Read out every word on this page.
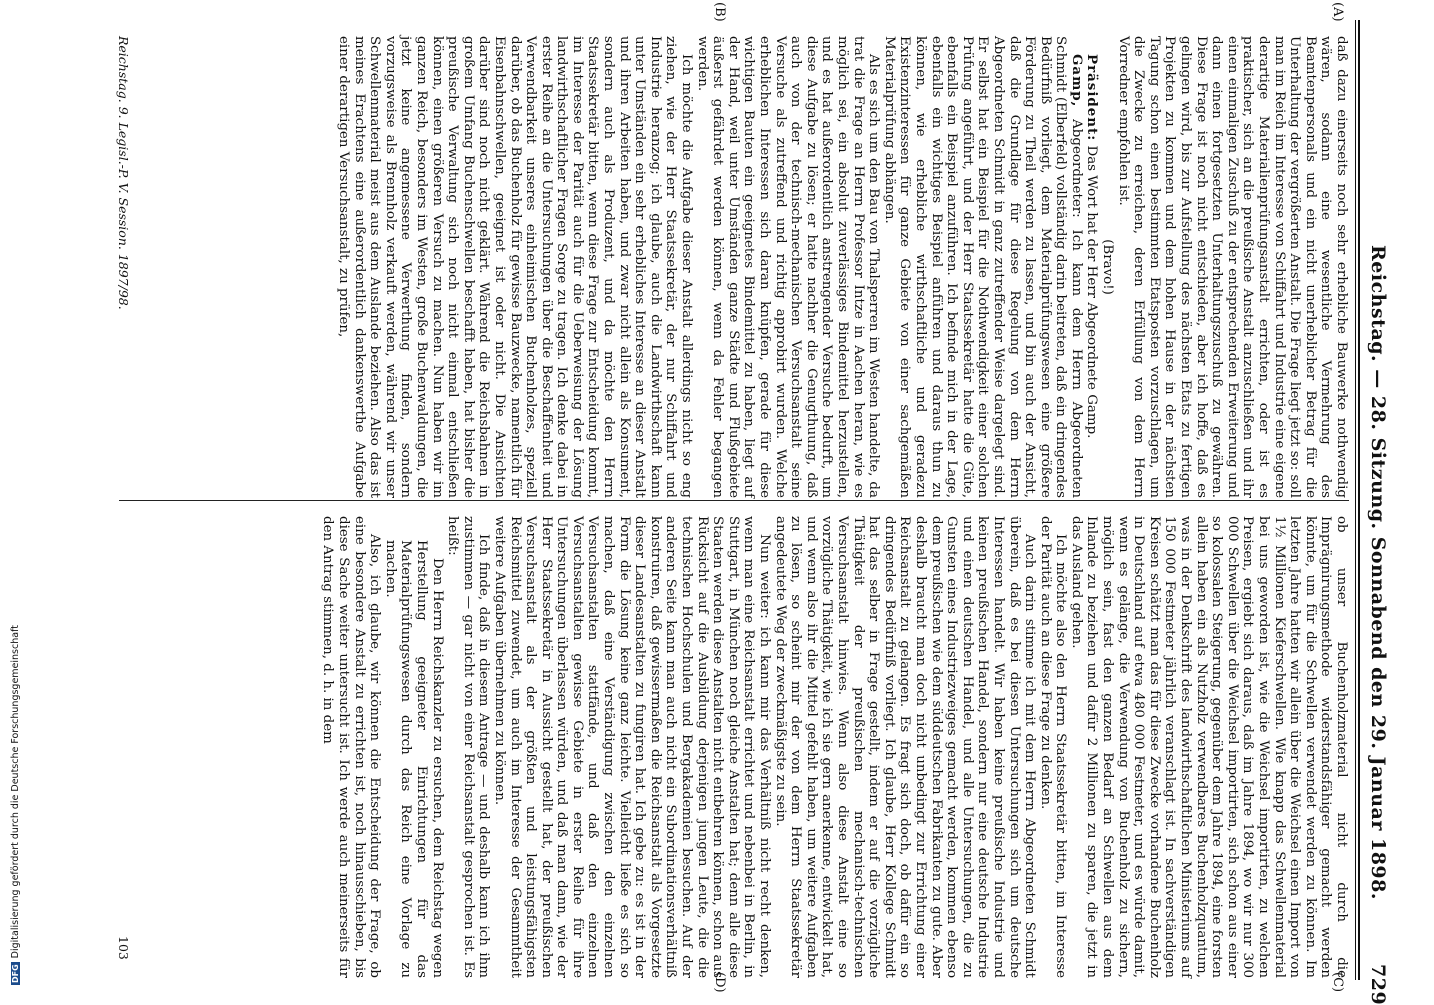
Reichstag. — 28. Sitzung. Sonnabend den 29. Januar 1898.
729
(A)
(B)
(C)
(D)

daß dazu einerseits noch sehr erhebliche Bauwerke nothwendig wären, sodann eine wesentliche Vermehrung des Beamtenpersonals und ein nicht unerheblicher Betrag für die Unterhaltung der vergrößerten Anstalt. Die Frage liegt jetzt so: soll man im Reich im Interesse von Schiffahrt und Industrie eine eigene derartige Materialienprüfungsanstalt errichten, oder ist es praktischer, sich an die preußische Anstalt anzuschließen und ihr einen einmaligen Zuschuß zu der entsprechenden Erweiterung und dann einen fortgesetzten Unterhaltungszuschuß zu gewähren. Diese Frage ist noch nicht entschieden, aber ich hoffe, daß es gelingen wird, bis zur Aufstellung des nächsten Etats zu fertigen Projekten zu kommen und dem hohen Hause in der nächsten Tagung schon einen bestimmten Etatsposten vorzuschlagen, um die Zwecke zu erreichen, deren Erfüllung von dem Herrn Vorredner empfohlen ist.

(Bravo!)

Präsident: Das Wort hat der Herr Abgeordnete Gamp.

Gamp, Abgeordneter: Ich kann dem Herrn Abgeordneten Schmidt (Elberfeld) vollständig darin beitreten, daß ein dringendes Bedürfniß vorliegt, dem Materialprüfungswesen eine größere Förderung zu Theil werden zu lassen, und bin auch der Ansicht, daß die Grundlage für diese Regelung von dem Herrn Abgeordneten Schmidt in ganz zutreffender Weise dargelegt sind. Er selbst hat ein Beispiel für die Nothwendigkeit einer solchen Prüfung angeführt, und der Herr Staatssekretär hatte die Güte, ebenfalls ein Beispiel anzuführen. Ich befinde mich in der Lage, ebenfalls ein wichtiges Beispiel anführen und daraus thun zu können, wie erhebliche wirthschaftliche und geradezu Existenzinteressen für ganze Gebiete von einer sachgemäßen Materialprüfung abhängen.

Als es sich um den Bau von Thalsperren im Westen handelte, da trat die Frage an Herrn Professor Intze in Aachen heran, wie es möglich sei, ein absolut zuverlässiges Bindemittel herzustellen, und es hat außerordentlich anstrengender Versuche bedurft, um diese Aufgabe zu lösen; er hatte nachher die Genugthuung, daß auch von der technisch-mechanischen Versuchsanstalt seine Versuche als zutreffend und richtig approbirt wurden. Welche erheblichen Interessen sich daran knüpfen, gerade für diese wichtigen Bauten ein geeignetes Bindemittel zu haben, liegt auf der Hand, weil unter Umständen ganze Städte und Flußgebiete äußerst gefährdet werden können, wenn da Fehler begangen werden.

Ich möchte die Aufgabe dieser Anstalt allerdings nicht so eng ziehen, wie der Herr Staatssekretär, der nur Schiffahrt und Industrie heranzog; ich glaube, auch die Landwirthschaft kann unter Umständen ein sehr erhebliches Interesse an dieser Anstalt und ihren Arbeiten haben, und zwar nicht allein als Konsument, sondern auch als Produzent, und da möchte den Herrn Staatssekretär bitten, wenn diese Frage zur Entscheidung kommt, im Interesse der Parität auch für die Ueberweisung der Lösung landwirthschaftlicher Fragen Sorge zu tragen. Ich denke dabei in erster Reihe an die Untersuchungen über die Beschaffenheit und Verwendbarkeit unseres einheimischen Buchenholzes, speziell darüber, ob das Buchenholz für gewisse Bauzwecke, namentlich für Eisenbahnschwellen, geeignet ist oder nicht. Die Ansichten darüber sind noch nicht geklärt. Während die Reichsbahnen in großem Umfang Buchenschwellen beschafft haben, hat bisher die preußische Verwaltung sich noch nicht einmal entschließen können, einen größeren Versuch zu machen. Nun haben wir im ganzen Reich, besonders im Westen, große Buchenwaldungen, die jetzt keine angemessene Verwerthung finden, sondern vorzugsweise als Brennholz verkauft werden, während wir unser Schwellenmaterial meist aus dem Auslande beziehen. Also das ist meines Erachtens eine außerordentlich dankenswerthe Aufgabe einer derartigen Versuchsanstalt, zu prüfen,

ob unser Buchenholzmaterial nicht durch die Imprägnirungsmethode widerstandsfähiger gemacht werden könnte, um für die Schwellen verwendet werden zu können. Im letzten Jahre hatten wir allein über die Weichsel einen Import von 1½ Millionen Kieferschwellen. Wie knapp das Schwellenmaterial bei uns geworden ist, wie die Weichsel importirten, zu welchen Preisen, ergiebt sich daraus, daß im Jahre 1894, wo wir nur 300 000 Schwellen über die Weichsel importirten, sich schon aus einer so kolossalen Steigerung, gegenüber dem Jahre 1894, eine forsten allein haben ein als Nutzholz verwendbares Buchenholzquantum, was in der Denkschrift des landwirthschaftlichen Ministeriums auf 150 000 Festmeter jährlich veranschlagt ist. In sachverständigen Kreisen schätzt man das für diese Zwecke vorhandene Buchenholz in Deutschland auf etwa 480 000 Festmeter, und es würde damit, wenn es gelänge, die Verwendung von Buchenholz zu sichern, möglich sein, fast den ganzen Bedarf an Schwellen aus dem Inlande zu beziehen und dafür 2 Millionen zu sparen, die jetzt in das Ausland gehen.

Ich möchte also den Herrn Staatssekretär bitten, im Interesse der Parität auch an diese Frage zu denken.

Auch darin stimme ich mit dem Herrn Abgeordneten Schmidt überein, daß es bei diesen Untersuchungen sich um deutsche Interessen handelt. Wir haben keine preußische Industrie und keinen preußischen Handel, sondern nur eine deutsche Industrie und einen deutschen Handel, und alle Untersuchungen, die zu Gunsten eines Industriezweiges gemacht werden, kommen ebenso dem preußischen wie dem süddeutschen Fabrikanten zu gute. Aber deshalb braucht man doch nicht unbedingt zur Errichtung einer Reichsanstalt zu gelangen. Es fragt sich doch, ob dafür ein so dringendes Bedürfniß vorliegt. Ich glaube, Herr Kollege Schmidt hat das selber in Frage gestellt, indem er auf die vorzügliche Thätigkeit der preußischen mechanisch-technischen Versuchsanstalt hinwies. Wenn also diese Anstalt eine so vorzügliche Thätigkeit, wie ich sie gern anerkenne, entwickelt hat, und wenn also ihr die Mittel gefehlt haben, um weitere Aufgaben zu lösen, so scheint mir der von dem Herrn Staatssekretär angedeutete Weg der zweckmäßigste zu sein.

Nun weiter: ich kann mir das Verhältniß nicht recht denken, wenn man eine Reichsanstalt errichtet und nebenbei in Berlin, in Stuttgart, in München noch gleiche Anstalten hat; denn alle diese Staaten werden diese Anstalten nicht entbehren können, schon aus Rücksicht auf die Ausbildung derjenigen jungen Leute, die die technischen Hochschulen und Bergakademien besuchen. Auf der anderen Seite kann man auch nicht ein Subordinationsverhältniß konstruiren, daß gewissermaßen die Reichsanstalt als Vorgesetzte dieser Landesanstalten zu fungiren hat. Ich gebe zu: es ist in der Form die Lösung keine ganz leichte. Vielleicht ließe es sich so machen, daß eine Verständigung zwischen den einzelnen Versuchsanstalten stattfände, und daß den einzelnen Versuchsanstalten gewisse Gebiete in erster Reihe für ihre Untersuchungen überlassen würden, und daß man dann, wie der Herr Staatssekretär in Aussicht gestellt hat, der preußischen Versuchsanstalt als der größten und leistungsfähigsten Reichsmittel zuwendet, um auch im Interesse der Gesammtheit weitere Aufgaben übernehmen zu können.

Ich finde, daß in diesem Antrage — und deshalb kann ich ihm zustimmen — gar nicht von einer Reichsanstalt gesprochen ist. Es heißt:

Den Herrn Reichskanzler zu ersuchen, dem Reichstag wegen Herstellung geeigneter Einrichtungen für das Materialprüfungswesen durch das Reich eine Vorlage zu machen.

Also, ich glaube, wir können die Entscheidung der Frage, ob eine besondere Anstalt zu errichten ist, noch hinausschieben, bis diese Sache weiter untersucht ist. Ich werde auch meinerseits für den Antrag stimmen, d. h. in dem

Reichstag. 9. Legisl.-P. V. Session. 1897/98.
103
DFGDigitalisierung gefördert durch die Deutsche Forschungsgemeinschaft
